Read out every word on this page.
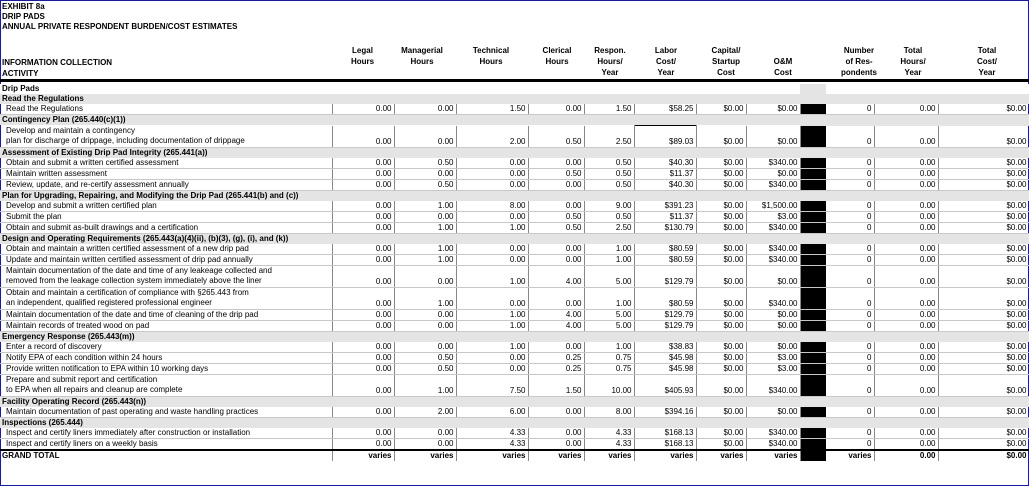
EXHIBIT 8a
DRIP PADS
ANNUAL PRIVATE RESPONDENT BURDEN/COST ESTIMATES
INFORMATION COLLECTION
ACTIVITY
Legal
Hours
Managerial
Hours
Technical
Hours
Clerical
Hours
Respon.
Hours/
Year
Labor
Cost/
Year
Capital/
Startup
Cost
O&M
Cost
Number
of Res-
pondents
Total
Hours/
Year
Total
Cost/
Year
Drip Pads												
Read the Regulations												

Read the Regulations	0.00	0.00	1.50	0.00	1.50	$58.25	$0.00	$0.00		0	0.00	$0.00
Contingency Plan (265.440(c)(1))												

Develop and maintain a contingency
plan for discharge of drippage, including documentation of drippage	0.00	0.00	2.00	0.50	2.50	$89.03	$0.00	$0.00		0	0.00	$0.00
Assessment of Existing Drip Pad Integrity (265.441(a))												

Obtain and submit a written certified assessment	0.00	0.50	0.00	0.00	0.50	$40.30	$0.00	$340.00		0	0.00	$0.00

Maintain written assessment	0.00	0.00	0.00	0.50	0.50	$11.37	$0.00	$0.00		0	0.00	$0.00

Review, update, and re-certify assessment annually	0.00	0.50	0.00	0.00	0.50	$40.30	$0.00	$340.00		0	0.00	$0.00
Plan for Upgrading, Repairing, and Modifying the Drip Pad (265.441(b) and (c))												

Develop and submit a written certified plan	0.00	1.00	8.00	0.00	9.00	$391.23	$0.00	$1,500.00		0	0.00	$0.00

Submit the plan	0.00	0.00	0.00	0.50	0.50	$11.37	$0.00	$3.00		0	0.00	$0.00

Obtain and submit as-built drawings and a certification	0.00	1.00	1.00	0.50	2.50	$130.79	$0.00	$340.00		0	0.00	$0.00
Design and Operating Requirements (265.443(a)(4)(ii), (b)(3), (g), (i), and (k))												

Obtain and maintain a written certified assessment of a new drip pad	0.00	1.00	0.00	0.00	1.00	$80.59	$0.00	$340.00		0	0.00	$0.00

Update and maintain written certified assessment of drip pad annually	0.00	1.00	0.00	0.00	1.00	$80.59	$0.00	$340.00		0	0.00	$0.00

Maintain documentation of the date and time of any leakeage collected and
removed from the leakage collection system immediately above the liner	0.00	0.00	1.00	4.00	5.00	$129.79	$0.00	$0.00		0	0.00	$0.00

Obtain and maintain a certification of compliance with §265.443 from
an independent, qualified registered professional engineer	0.00	1.00	0.00	0.00	1.00	$80.59	$0.00	$340.00		0	0.00	$0.00

Maintain documentation of the date and time of cleaning of the drip pad	0.00	0.00	1.00	4.00	5.00	$129.79	$0.00	$0.00		0	0.00	$0.00

Maintain records of treated wood on pad	0.00	0.00	1.00	4.00	5.00	$129.79	$0.00	$0.00		0	0.00	$0.00
Emergency Response (265.443(m))												

Enter a record of discovery	0.00	0.00	1.00	0.00	1.00	$38.83	$0.00	$0.00		0	0.00	$0.00

Notify EPA of each condition within 24 hours	0.00	0.50	0.00	0.25	0.75	$45.98	$0.00	$3.00		0	0.00	$0.00

Provide written notification to EPA within 10 working days	0.00	0.50	0.00	0.25	0.75	$45.98	$0.00	$3.00		0	0.00	$0.00

Prepare and submit report and certification
to EPA when all repairs and cleanup are complete	0.00	1.00	7.50	1.50	10.00	$405.93	$0.00	$340.00		0	0.00	$0.00
Facility Operating Record (265.443(n))												

Maintain documentation of past operating and waste handling practices	0.00	2.00	6.00	0.00	8.00	$394.16	$0.00	$0.00		0	0.00	$0.00
Inspections (265.444)												

Inspect and certify liners immediately after construction or installation	0.00	0.00	4.33	0.00	4.33	$168.13	$0.00	$340.00		0	0.00	$0.00

Inspect and certify liners on a weekly basis	0.00	0.00	4.33	0.00	4.33	$168.13	$0.00	$340.00		0	0.00	$0.00
GRAND TOTAL	varies	varies	varies	varies	varies	varies	varies	varies		varies	0.00	$0.00
